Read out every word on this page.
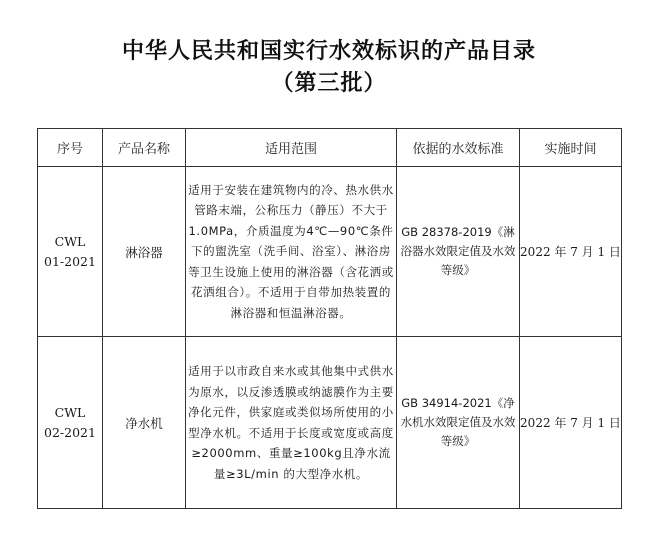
中华人民共和国实行水效标识的产品目录
（第三批）
序号	产品名称	适用范围	依据的水效标准	实施时间

CWL
01-2021	淋浴器	适用于安装在建筑物内的冷、热水供水管路末端，公称压力（静压）不大于1.0MPa，介质温度为4℃—90℃条件下的盥洗室（洗手间、浴室）、淋浴房等卫生设施上使用的淋浴器（含花洒或花洒组合）。不适用于自带加热装置的淋浴器和恒温淋浴器。	GB 28378-2019《淋浴器水效限定值及水效等级》	2022 年 7 月 1 日

CWL
02-2021	净水机	适用于以市政自来水或其他集中式供水为原水，以反渗透膜或纳滤膜作为主要净化元件，供家庭或类似场所使用的小型净水机。不适用于长度或宽度或高度≥2000mm、重量≥100kg且净水流量≥3L/min 的大型净水机。	GB 34914-2021《净水机水效限定值及水效等级》	2022 年 7 月 1 日
